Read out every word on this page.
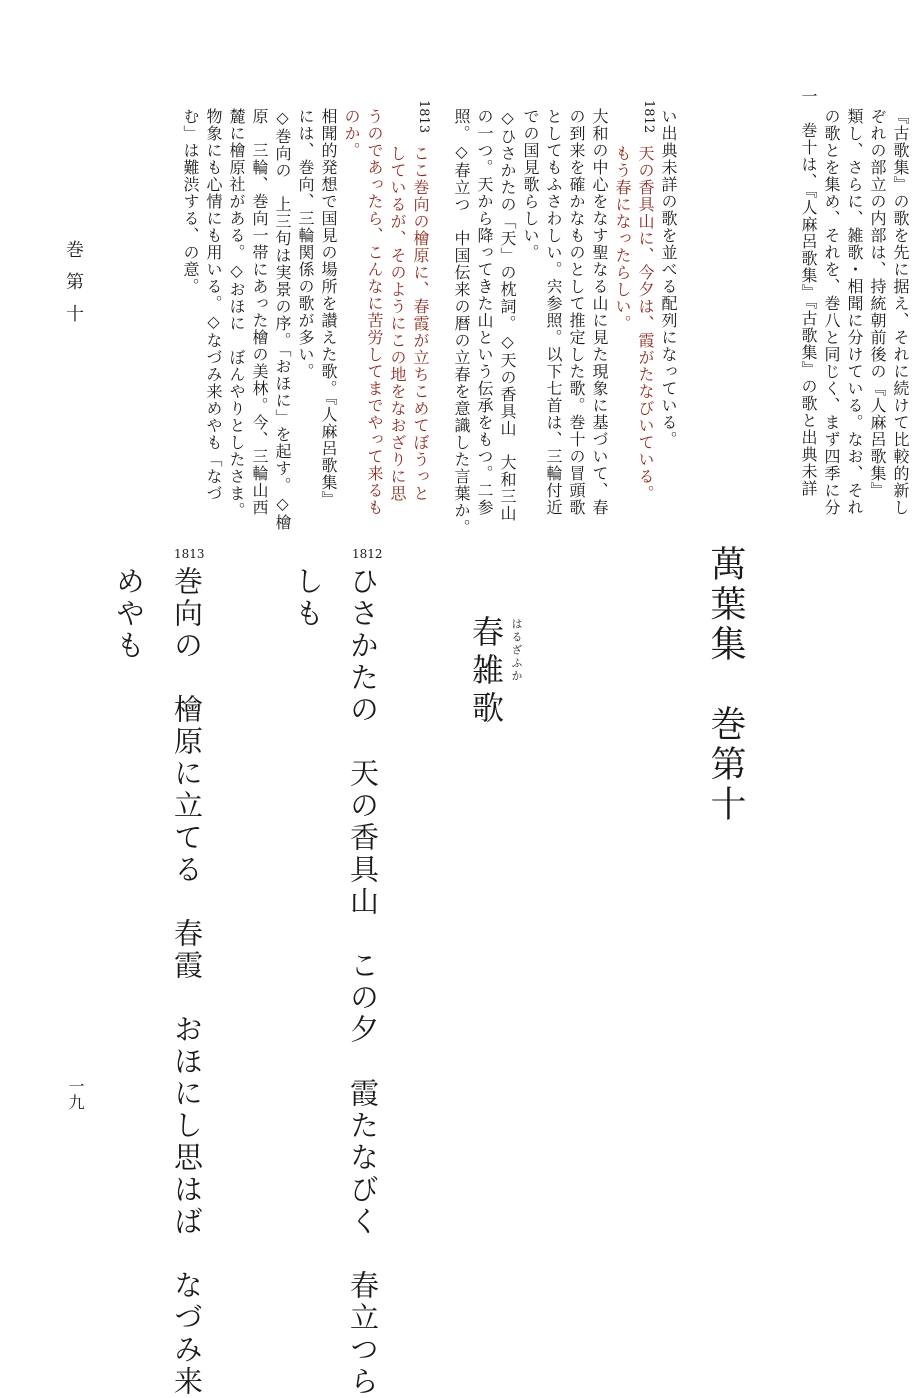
一　巻十は、『人麻呂歌集』『古歌集』の歌と出典未詳 の歌とを集め、それを、巻八と同じく、まず四季に分 類し、さらに、雑歌・相聞に分けている。なお、それ ぞれの部立の内部は、持統朝前後の『人麻呂歌集』 『古歌集』の歌を先に据え、それに続けて比較的新し
い出典未詳の歌を並べる配列になっている。
1812
天の香具山に、今夕は、霞がたなびいている。
もう春になったらしい。
大和の中心をなす聖なる山に見た現象に基づいて、春
の到来を確かなものとして推定した歌。巻十の冒頭歌
としてもふさわしい。宍参照。以下七首は、三輪付近
での国見歌らしい。
◇ひさかたの「天」の枕詞。◇天の香具山　大和三山
の一つ。天から降ってきた山という伝承をもつ。二参
照。◇春立つ　中国伝来の暦の立春を意識した言葉か。
1813
ここ巻向の檜原に、春霞が立ちこめてぼうっと
しているが、そのようにこの地をなおざりに思
うのであったら、こんなに苦労してまでやって来るも
のか。
相聞的発想で国見の場所を讃えた歌。『人麻呂歌集』
には、巻向、三輪関係の歌が多い。
◇巻向の　上三句は実景の序。「おほに」を起す。◇檜
原　三輪、巻向一帯にあった檜の美林。今、三輪山西
麓に檜原社がある。◇おほに　ぼんやりとしたさま。
物象にも心情にも用いる。◇なづみ来めやも「なづ
む」は難渋する、の意。
巻第十
一九
萬葉集　巻第十
春雑歌 はるざふか
1812
ひさかたの　天の香具山　この夕　霞たなびく　春立つら
しも
1813
巻向の　檜原に立てる　春霞　おほにし思はば　なづみ来
めやも
